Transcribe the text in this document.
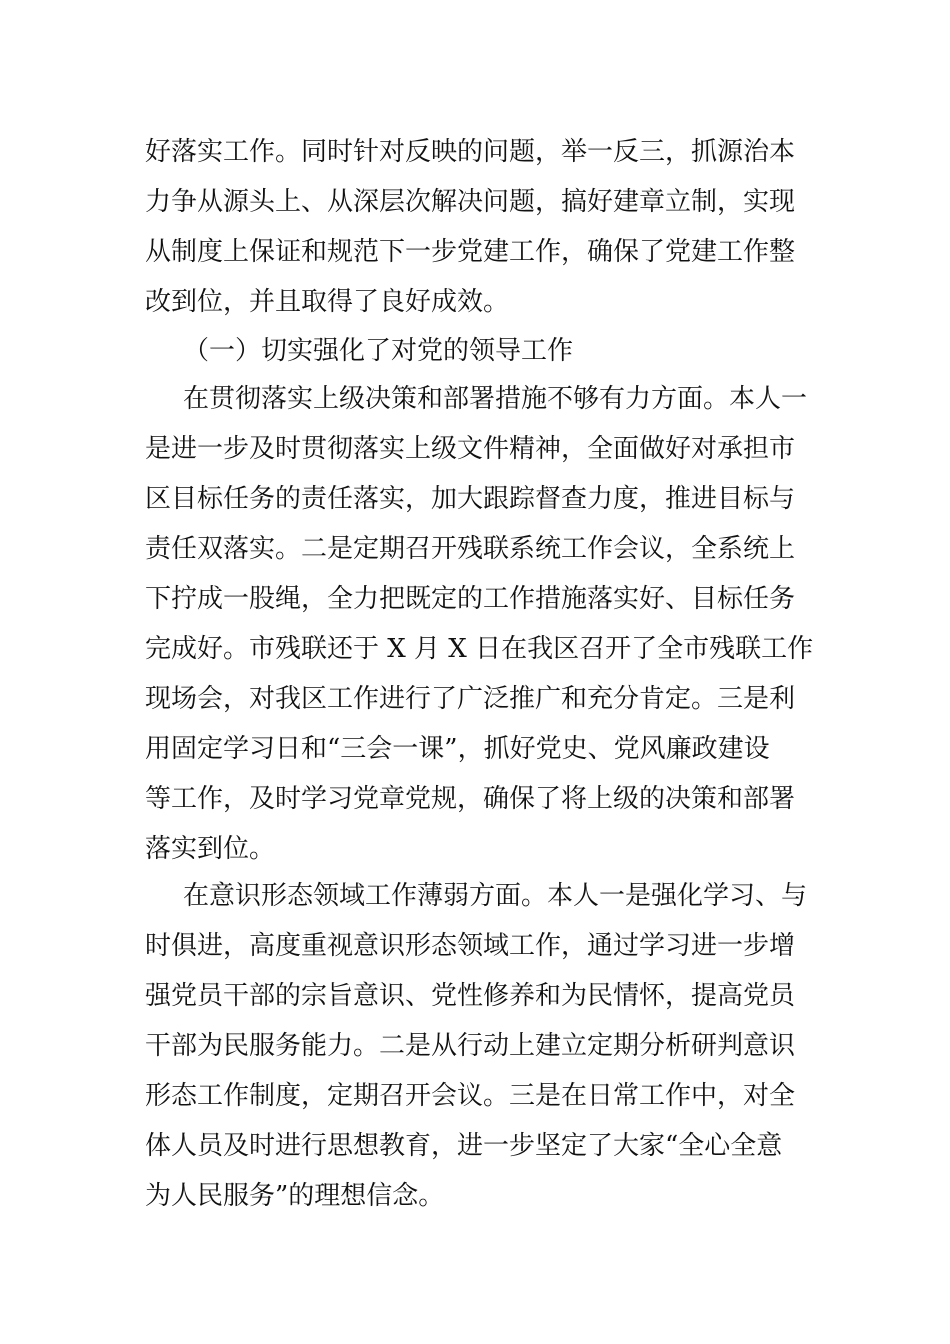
好落实工作。同时针对反映的问题，举一反三，抓源治本
力争从源头上、从深层次解决问题，搞好建章立制，实现
从制度上保证和规范下一步党建工作，确保了党建工作整
改到位，并且取得了良好成效。
（一）切实强化了对党的领导工作
在贯彻落实上级决策和部署措施不够有力方面。本人一
是进一步及时贯彻落实上级文件精神，全面做好对承担市
区目标任务的责任落实，加大跟踪督查力度，推进目标与
责任双落实。二是定期召开残联系统工作会议，全系统上
下拧成一股绳，全力把既定的工作措施落实好、目标任务
完成好。市残联还于 X 月 X 日在我区召开了全市残联工作
现场会，对我区工作进行了广泛推广和充分肯定。三是利
用固定学习日和“三会一课”，抓好党史、党风廉政建设
等工作，及时学习党章党规，确保了将上级的决策和部署
落实到位。
在意识形态领域工作薄弱方面。本人一是强化学习、与
时俱进，高度重视意识形态领域工作，通过学习进一步增
强党员干部的宗旨意识、党性修养和为民情怀，提高党员
干部为民服务能力。二是从行动上建立定期分析研判意识
形态工作制度，定期召开会议。三是在日常工作中，对全
体人员及时进行思想教育，进一步坚定了大家“全心全意
为人民服务”的理想信念。
